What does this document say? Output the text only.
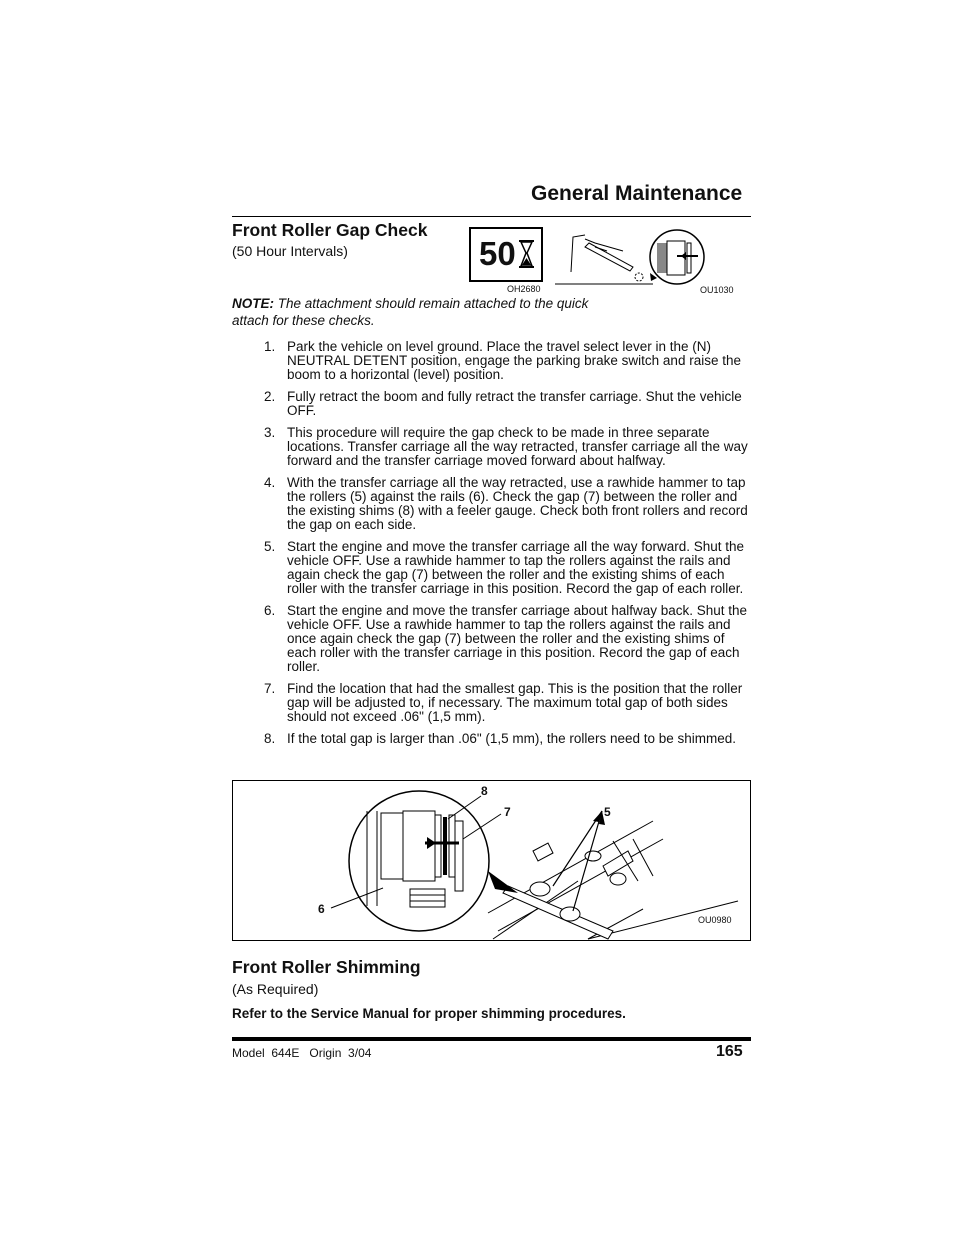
General Maintenance
Front Roller Gap Check
(50 Hour Intervals)	50
OH2680	OU1030
NOTE: The attachment should remain attached to the quick attach for these checks.
1. Park the vehicle on level ground. Place the travel select lever in the (N) NEUTRAL DETENT position, engage the parking brake switch and raise the boom to a horizontal (level) position.
2. Fully retract the boom and fully retract the transfer carriage. Shut the vehicle OFF.
3. This procedure will require the gap check to be made in three separate locations. Transfer carriage all the way retracted, transfer carriage all the way forward and the transfer carriage moved forward about halfway.
4. With the transfer carriage all the way retracted, use a rawhide hammer to tap the rollers (5) against the rails (6). Check the gap (7) between the roller and the existing shims (8) with a feeler gauge. Check both front rollers and record the gap on each side.
5. Start the engine and move the transfer carriage all the way forward. Shut the vehicle OFF. Use a rawhide hammer to tap the rollers against the rails and again check the gap (7) between the roller and the existing shims of each roller with the transfer carriage in this position. Record the gap of each roller.
6. Start the engine and move the transfer carriage about halfway back. Shut the vehicle OFF. Use a rawhide hammer to tap the rollers against the rails and once again check the gap (7) between the roller and the existing shims of each roller with the transfer carriage in this position. Record the gap of each roller.
7. Find the location that had the smallest gap. This is the position that the roller gap will be adjusted to, if necessary. The maximum total gap of both sides should not exceed .06" (1,5 mm).
8. If the total gap is larger than .06" (1,5 mm), the rollers need to be shimmed.
8
7	5
6
OU0980
Front Roller Shimming
(As Required)
Refer to the Service Manual for proper shimming procedures.
Model  644E   Origin  3/04	165
